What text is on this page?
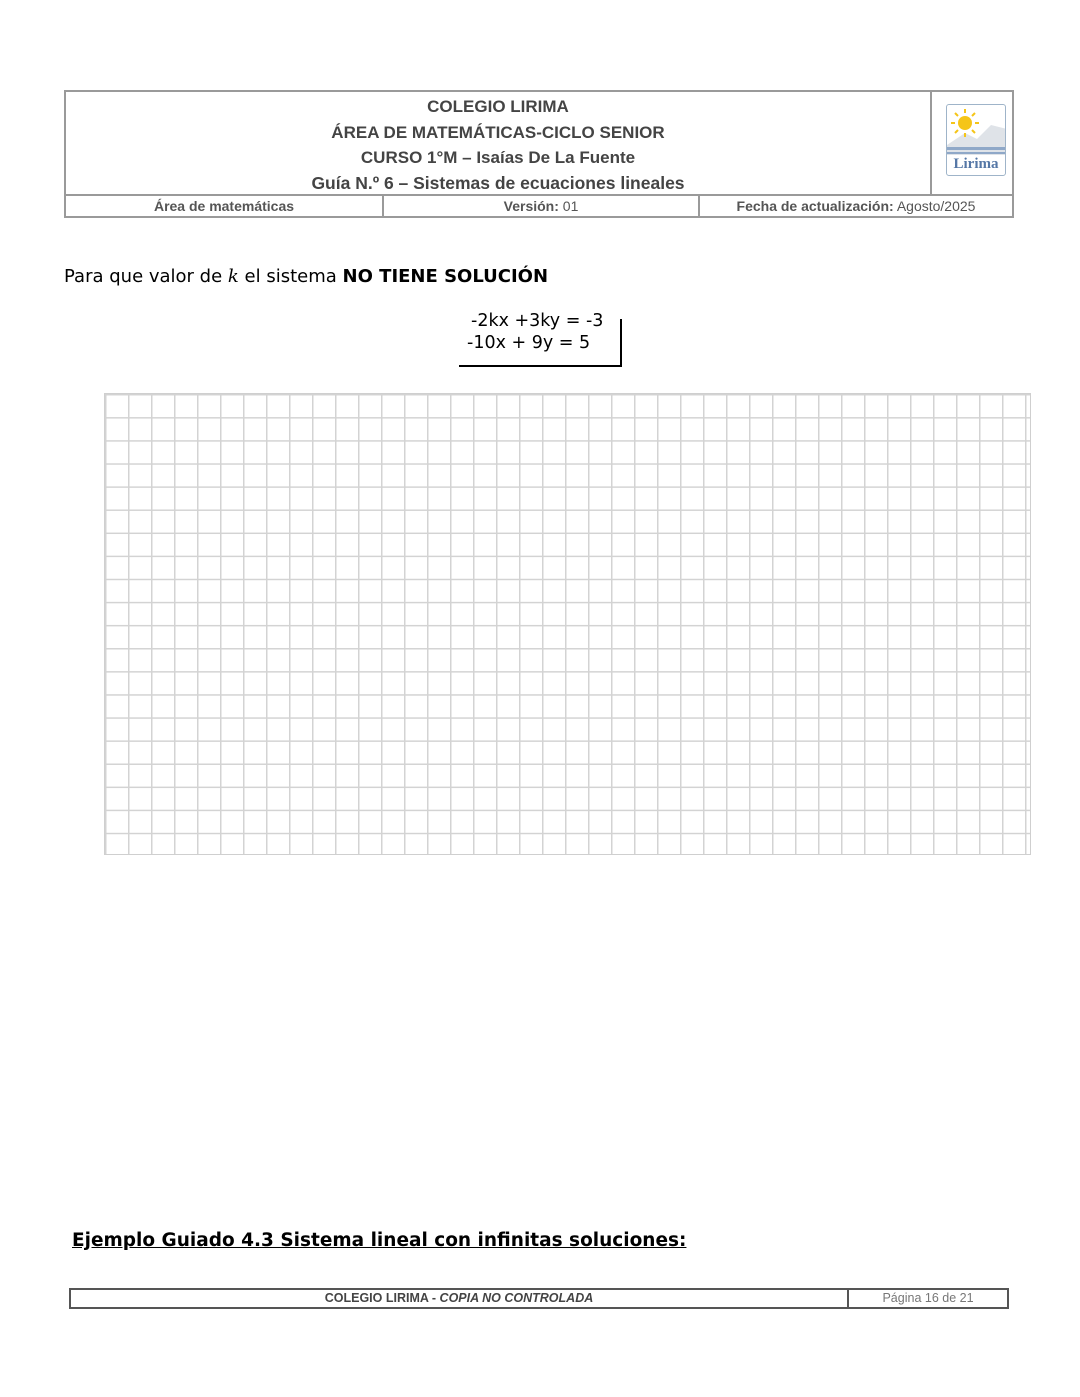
COLEGIO LIRIMA
ÁREA DE MATEMÁTICAS-CICLO SENIOR
CURSO 1°M – Isaías De La Fuente
Guía N.º 6 – Sistemas de ecuaciones lineales
Lirima
Área de matemáticas	Versión: 01	Fecha de actualización: Agosto/2025
Para que valor de k el sistema NO TIENE SOLUCIÓN
-2kx +3ky = -3
-10x + 9y = 5
Ejemplo Guiado 4.3 Sistema lineal con infinitas soluciones:
COLEGIO LIRIMA - COPIA NO CONTROLADA	Página 16 de 21
